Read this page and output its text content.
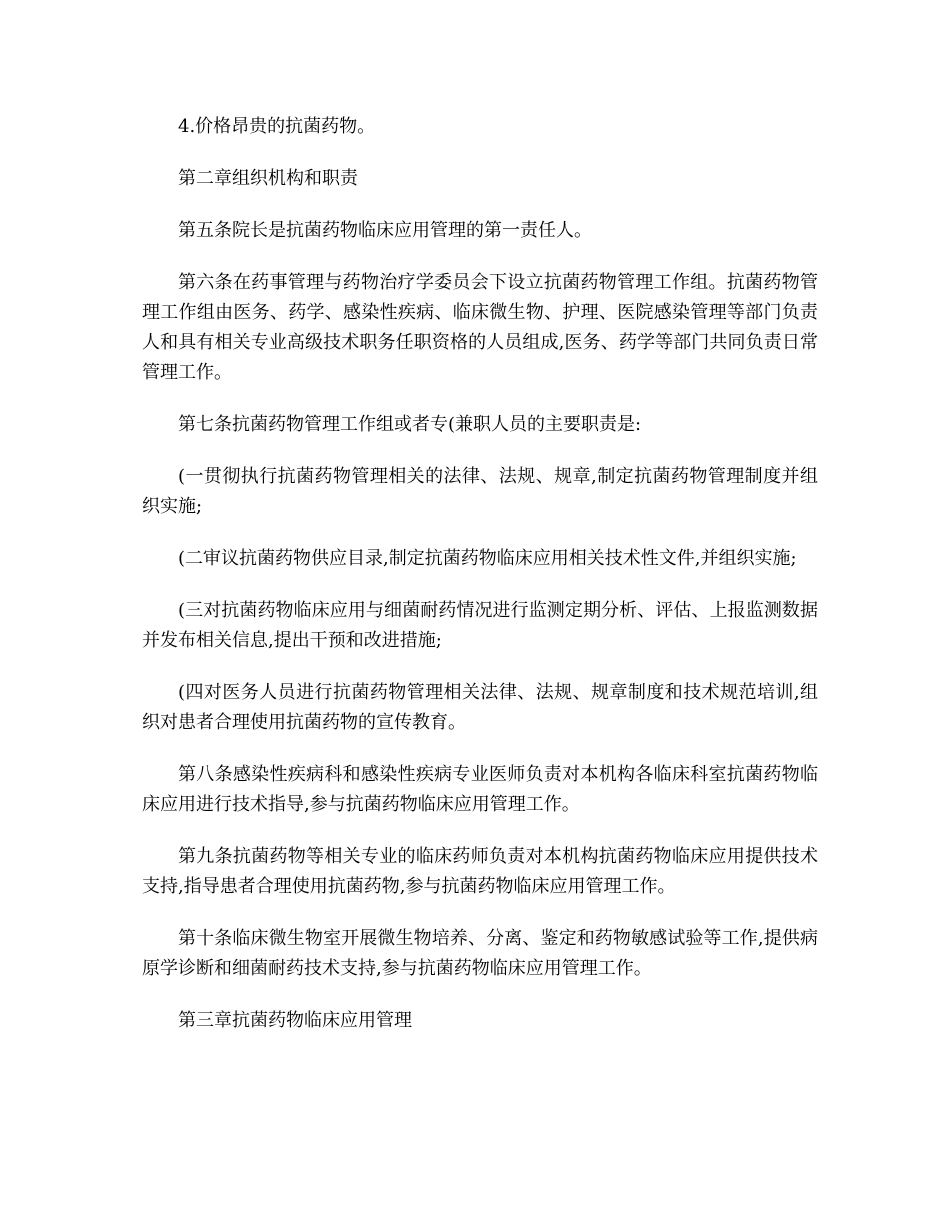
4.价格昂贵的抗菌药物。

第二章组织机构和职责

第五条院长是抗菌药物临床应用管理的第一责任人。

第六条在药事管理与药物治疗学委员会下设立抗菌药物管理工作组。抗菌药物管理工作组由医务、药学、感染性疾病、临床微生物、护理、医院感染管理等部门负责人和具有相关专业高级技术职务任职资格的人员组成,医务、药学等部门共同负责日常管理工作。

第七条抗菌药物管理工作组或者专(兼职人员的主要职责是:

(一贯彻执行抗菌药物管理相关的法律、法规、规章,制定抗菌药物管理制度并组织实施;

(二审议抗菌药物供应目录,制定抗菌药物临床应用相关技术性文件,并组织实施;

(三对抗菌药物临床应用与细菌耐药情况进行监测定期分析、评估、上报监测数据并发布相关信息,提出干预和改进措施;

(四对医务人员进行抗菌药物管理相关法律、法规、规章制度和技术规范培训,组织对患者合理使用抗菌药物的宣传教育。

第八条感染性疾病科和感染性疾病专业医师负责对本机构各临床科室抗菌药物临床应用进行技术指导,参与抗菌药物临床应用管理工作。

第九条抗菌药物等相关专业的临床药师负责对本机构抗菌药物临床应用提供技术支持,指导患者合理使用抗菌药物,参与抗菌药物临床应用管理工作。

第十条临床微生物室开展微生物培养、分离、鉴定和药物敏感试验等工作,提供病原学诊断和细菌耐药技术支持,参与抗菌药物临床应用管理工作。

第三章抗菌药物临床应用管理
